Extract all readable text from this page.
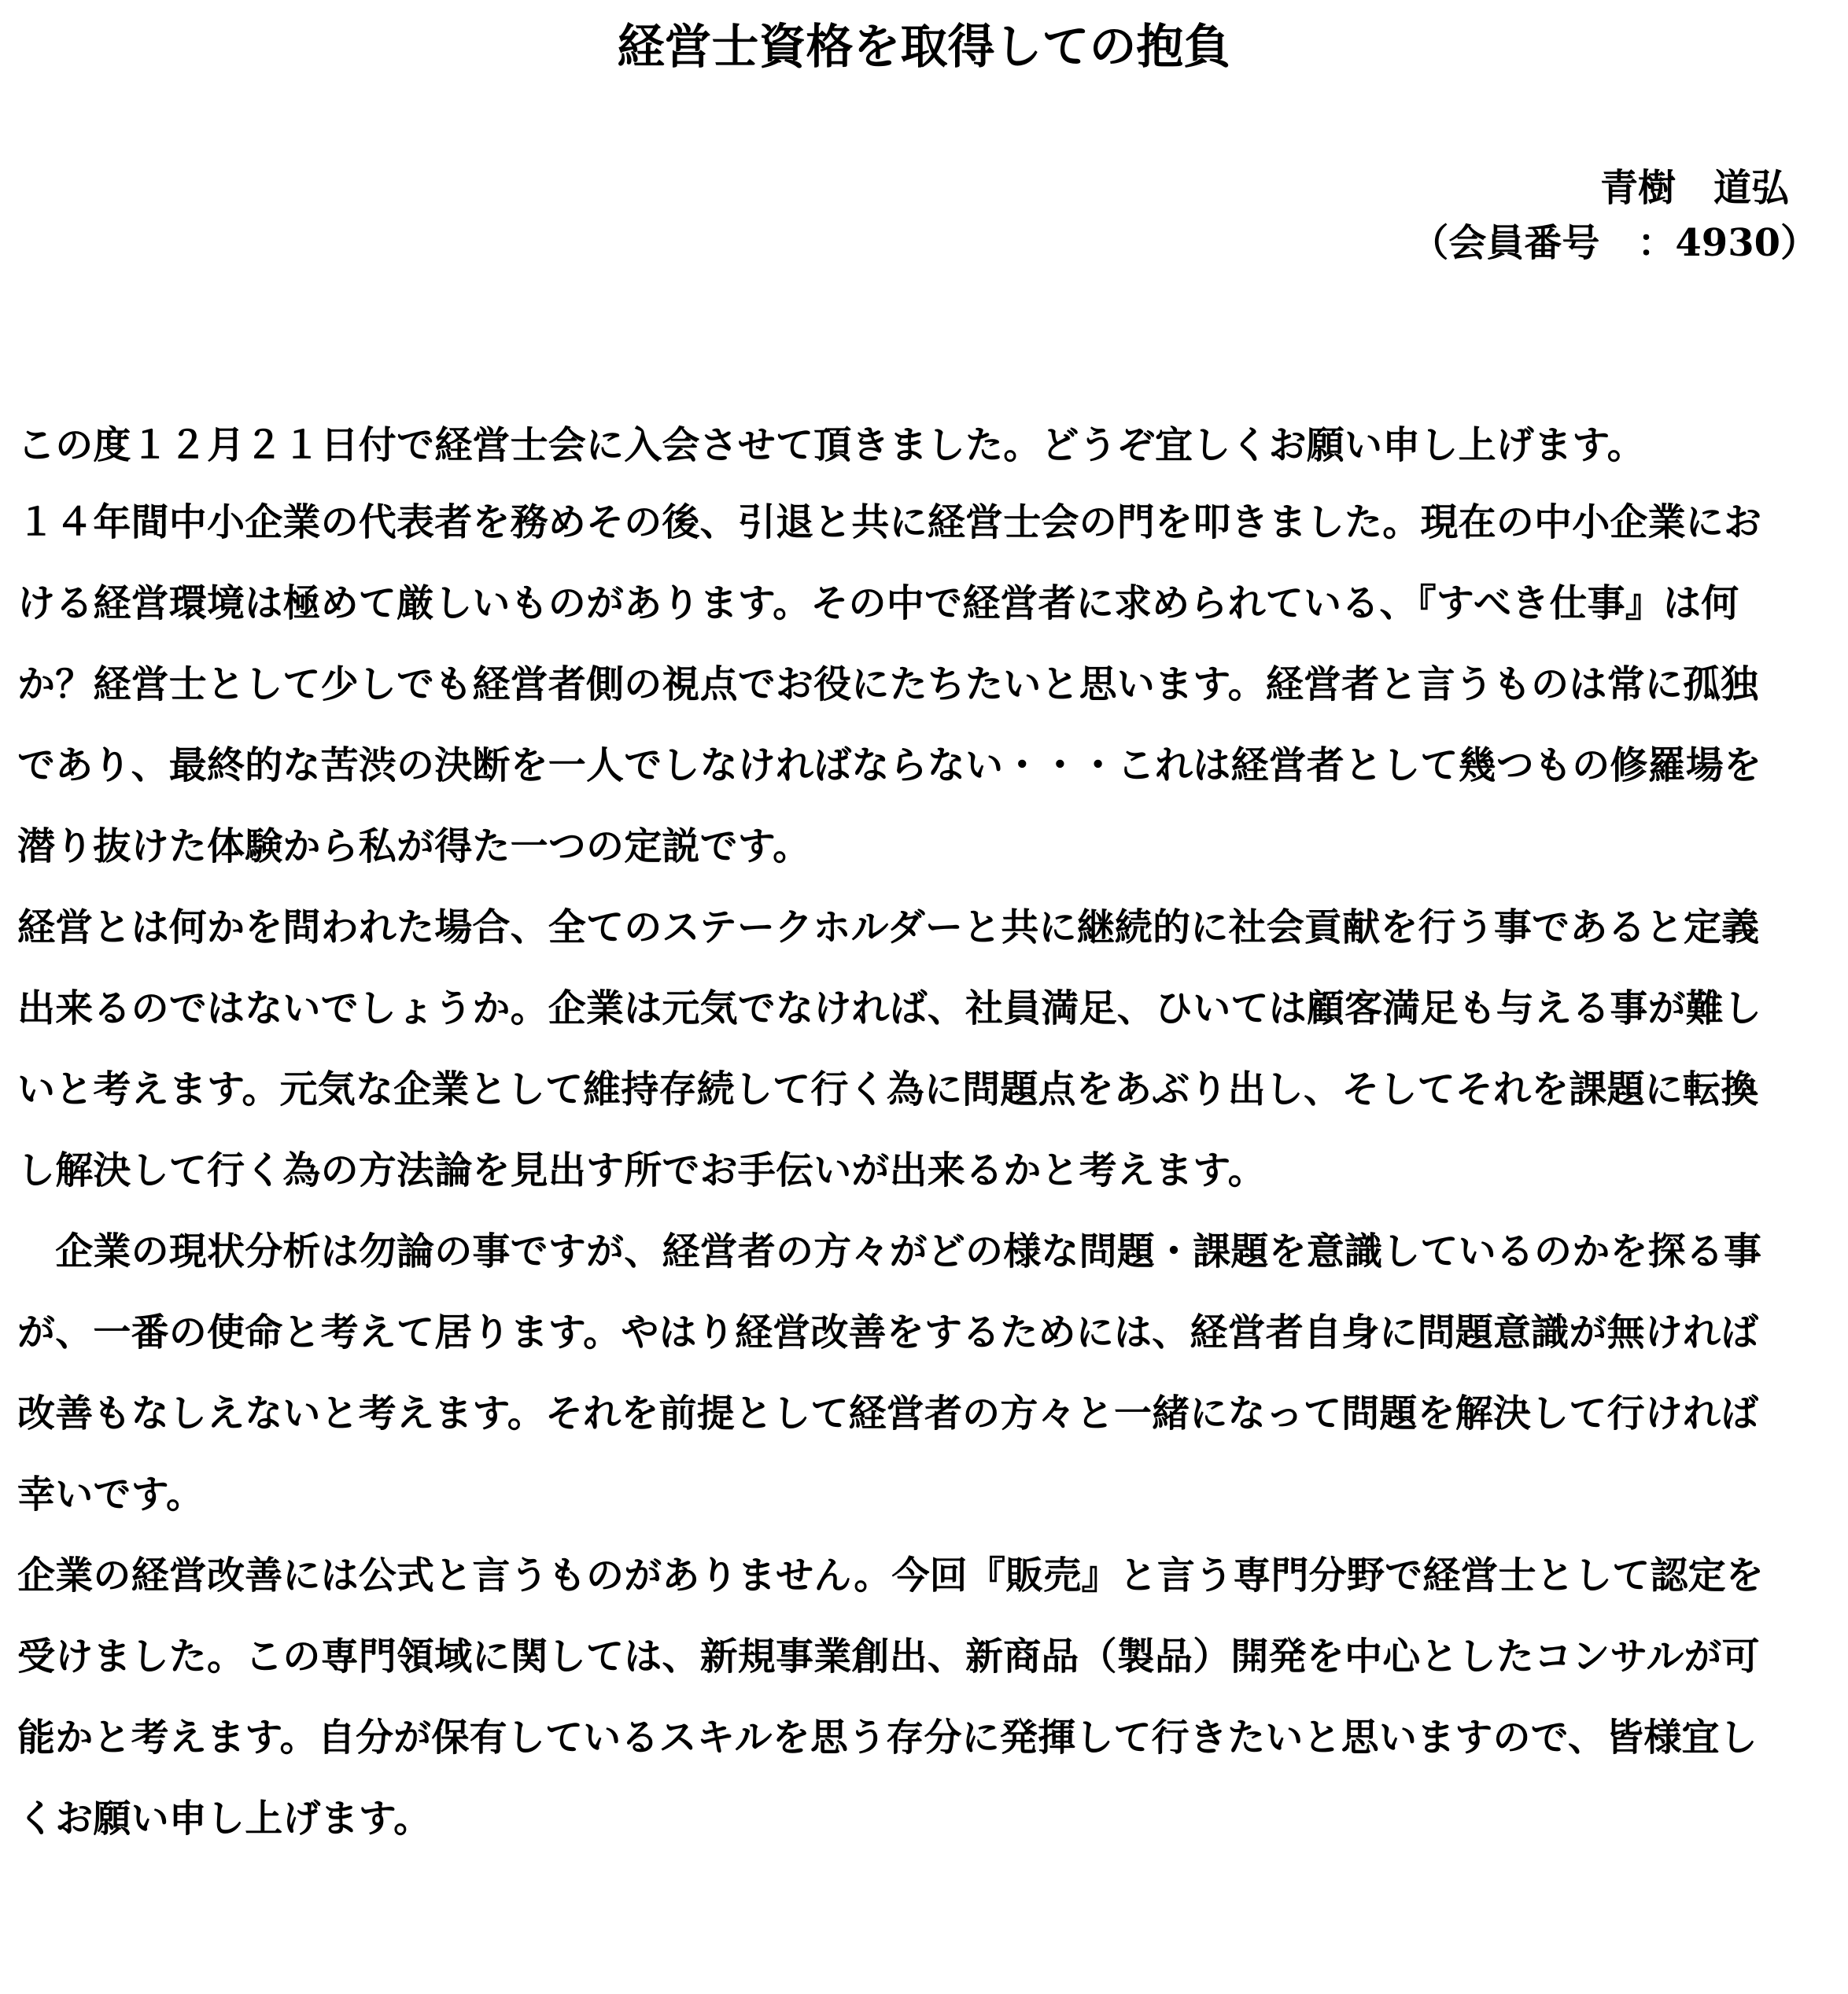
経営士資格を取得しての抱負
青樹　道弘
（会員番号　：4930）
この度１２月２１日付で経営士会に入会させて頂きました。どうぞ宜しくお願い申し上げます。
１４年間中小企業の代表者を務めその後、引退と共に経営士会の門を叩きました。現在の中小企業にお
ける経営環境は極めて厳しいものがあります。その中で経営者に求められている、『すべき仕事』は何
か？経営士として少しでも経営者側の視点でお役にたちたいと思います。経営者と言うものは常に孤独
であり、最終的な苦渋の決断を一人でしなければならない・・・これは経営者として幾つもの修羅場を
潜り抜けた体験から私が得た一つの定説です。
経営とは何かを問われた場合、全てのステークホルダーと共に継続的に社会貢献を行う事であると定義
出来るのではないでしょうか。企業は元気でなければ、社員満足、ひいては顧客満足も与える事が難し
いと考えます。元気な企業として維持存続して行く為に問題点をあぶり出し、そしてそれを課題に転換
し解決して行く為の方法論を見出す所でお手伝いが出来るかと考えます。
　企業の現状分析は勿論の事ですが、経営者の方々がどの様な問題・課題を意識しているのかを探る事
が、一番の使命と考えて居ります。やはり経営改善をするためには、経営者自身に問題意識が無ければ
改善もなしえないと考えます。それを前提として経営者の方々と一緒になって問題を解決して行ければ
幸いです。
企業の経営改善には公式と言うものがありません。今回『販売』と言う専門分野で経営士として認定を
受けました。この専門領域に関しては、新規事業創出、新商品（製品）開発を中心としたコンサルが可
能かと考えます。自分が保有しているスキルを思う存分に発揮して行きたいと思いますので、皆様宜し
くお願い申し上げます。
